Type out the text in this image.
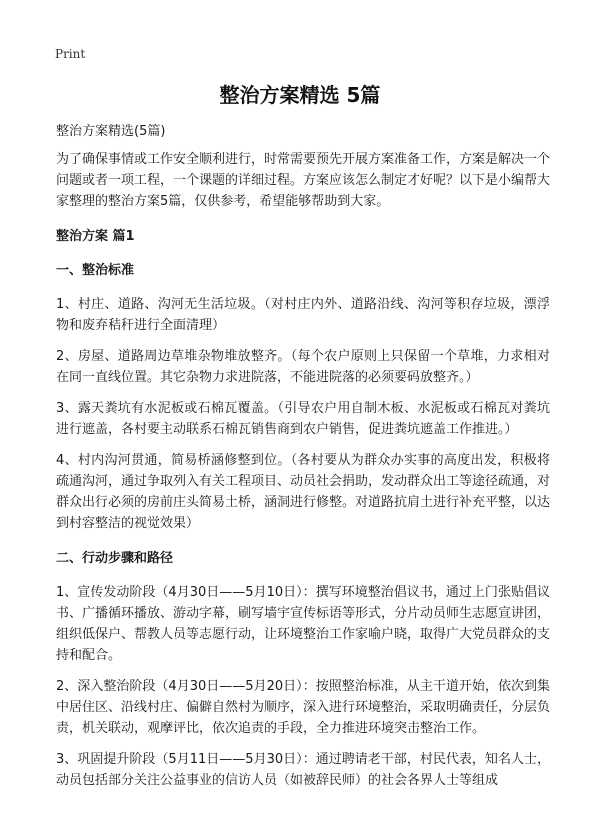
Print
整治方案精选 5篇
整治方案精选(5篇)

为了确保事情或工作安全顺利进行，时常需要预先开展方案准备工作，方案是解决一个问题或者一项工程，一个课题的详细过程。方案应该怎么制定才好呢？以下是小编帮大家整理的整治方案5篇，仅供参考，希望能够帮助到大家。

整治方案 篇1
一、整治标准

1、村庄、道路、沟河无生活垃圾。（对村庄内外、道路沿线、沟河等积存垃圾，漂浮物和废弃秸秆进行全面清理）

2、房屋、道路周边草堆杂物堆放整齐。（每个农户原则上只保留一个草堆，力求相对在同一直线位置。其它杂物力求进院落，不能进院落的必须要码放整齐。）

3、露天粪坑有水泥板或石棉瓦覆盖。（引导农户用自制木板、水泥板或石棉瓦对粪坑进行遮盖，各村要主动联系石棉瓦销售商到农户销售，促进粪坑遮盖工作推进。）

4、村内沟河贯通，简易桥涵修整到位。（各村要从为群众办实事的高度出发，积极将疏通沟河，通过争取列入有关工程项目、动员社会捐助，发动群众出工等途径疏通，对群众出行必须的房前庄头简易土桥，涵洞进行修整。对道路抗肩土进行补充平整，以达到村容整洁的视觉效果）

二、行动步骤和路径

1、宣传发动阶段（4月30日——5月10日）：撰写环境整治倡议书，通过上门张贴倡议书、广播循环播放、游动字幕，刷写墙宇宣传标语等形式，分片动员师生志愿宣讲团，组织低保户、帮教人员等志愿行动，让环境整治工作家喻户晓，取得广大党员群众的支持和配合。

2、深入整治阶段（4月30日——5月20日）：按照整治标准，从主干道开始，依次到集中居住区、沿线村庄、偏僻自然村为顺序，深入进行环境整治，采取明确责任，分层负责，机关联动，观摩评比，依次追责的手段，全力推进环境突击整治工作。

3、巩固提升阶段（5月11日——5月30日）：通过聘请老干部，村民代表，知名人士，动员包括部分关注公益事业的信访人员（如被辞民师）的社会各界人士等组成
